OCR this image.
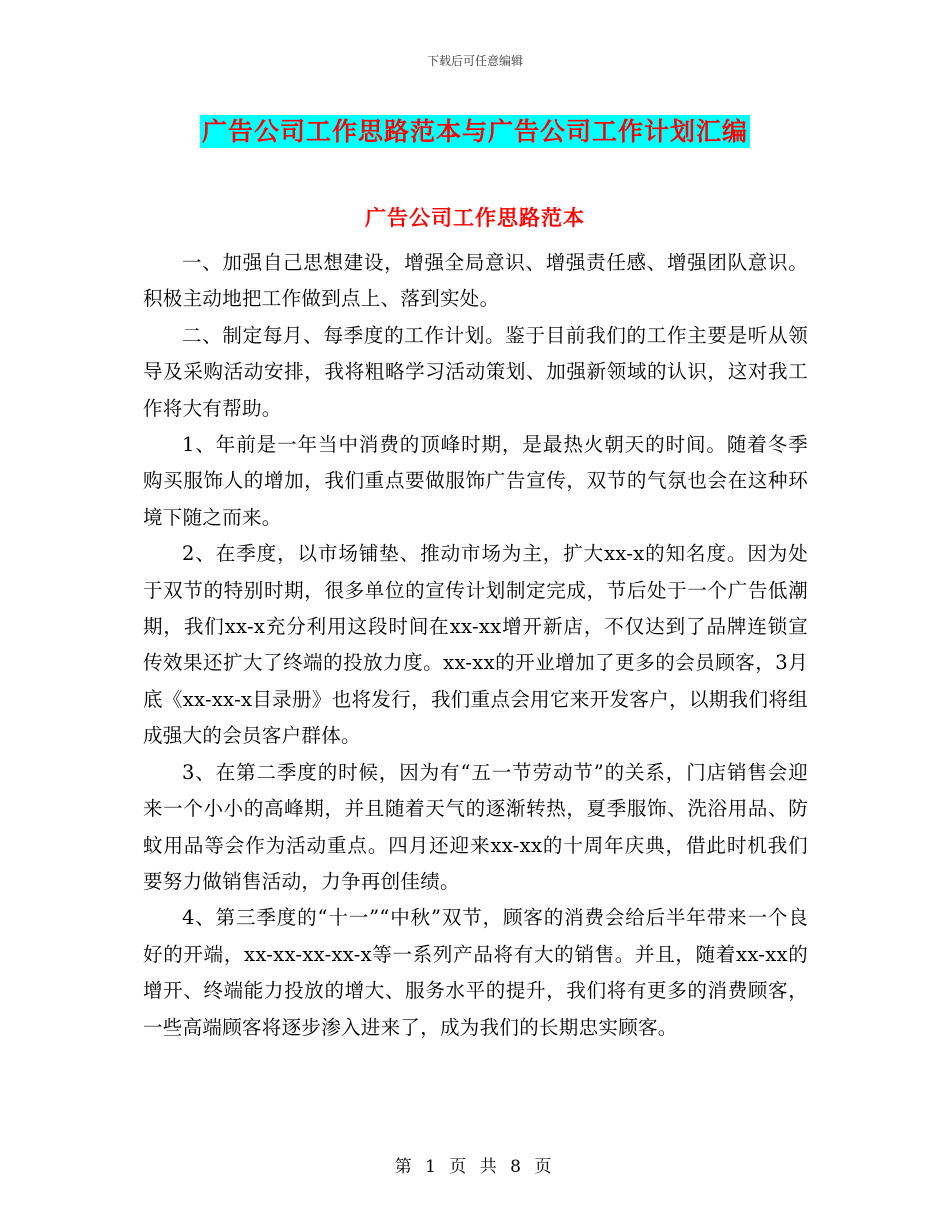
下载后可任意编辑
广告公司工作思路范本与广告公司工作计划汇编
广告公司工作思路范本

一、加强自己思想建设，增强全局意识、增强责任感、增强团队意识。积极主动地把工作做到点上、落到实处。

二、制定每月、每季度的工作计划。鉴于目前我们的工作主要是听从领导及采购活动安排，我将粗略学习活动策划、加强新领域的认识，这对我工作将大有帮助。

1、年前是一年当中消费的顶峰时期，是最热火朝天的时间。随着冬季购买服饰人的增加，我们重点要做服饰广告宣传，双节的气氛也会在这种环境下随之而来。

2、在季度，以市场铺垫、推动市场为主，扩大xx-x的知名度。因为处于双节的特别时期，很多单位的宣传计划制定完成，节后处于一个广告低潮期，我们xx-x充分利用这段时间在xx-xx增开新店，不仅达到了品牌连锁宣传效果还扩大了终端的投放力度。xx-xx的开业增加了更多的会员顾客，3月底《xx-xx-x目录册》也将发行，我们重点会用它来开发客户，以期我们将组成强大的会员客户群体。

3、在第二季度的时候，因为有“五一节劳动节”的关系，门店销售会迎来一个小小的高峰期，并且随着天气的逐渐转热，夏季服饰、洗浴用品、防蚊用品等会作为活动重点。四月还迎来xx-xx的十周年庆典，借此时机我们要努力做销售活动，力争再创佳绩。

4、第三季度的“十一”“中秋”双节，顾客的消费会给后半年带来一个良好的开端，xx-xx-xx-xx-x等一系列产品将有大的销售。并且，随着xx-xx的增开、终端能力投放的增大、服务水平的提升，我们将有更多的消费顾客，一些高端顾客将逐步渗入进来了，成为我们的长期忠实顾客。

第 1 页 共 8 页
